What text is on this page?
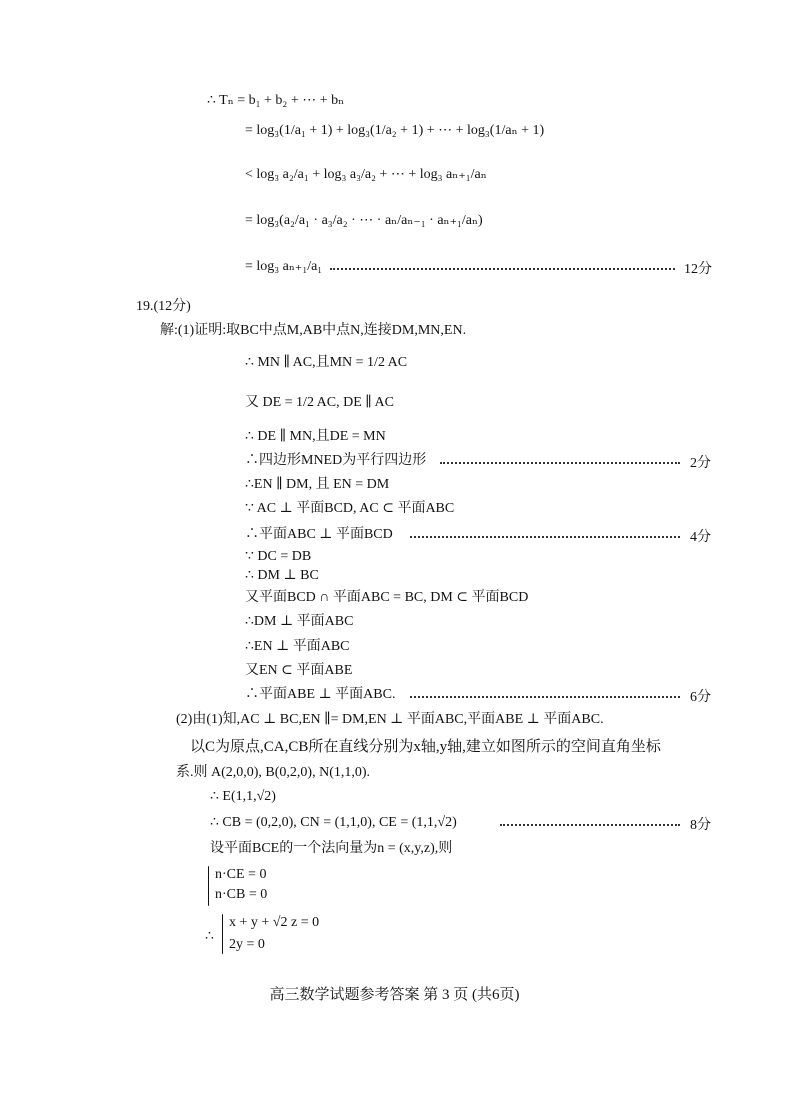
∴ Tₙ = b₁ + b₂ + ⋯ + bₙ
= log₃(1/a₁ + 1) + log₃(1/a₂ + 1) + ⋯ + log₃(1/aₙ + 1)
< log₃ a₂/a₁ + log₃ a₃/a₂ + ⋯ + log₃ aₙ₊₁/aₙ
= log₃(a₂/a₁ · a₃/a₂ · ⋯ · aₙ/aₙ₋₁ · aₙ₊₁/aₙ)
= log₃ aₙ₊₁/a₁	12分
19.(12分)
解:(1)证明:取BC中点M,AB中点N,连接DM,MN,EN.
∴ MN ∥ AC,且MN = 1/2 AC
又 DE = 1/2 AC, DE ∥ AC
∴ DE ∥ MN,且DE = MN
∴四边形MNED为平行四边形	2分
∴EN ∥ DM, 且 EN = DM
∵ AC ⊥ 平面BCD, AC ⊂ 平面ABC
∴平面ABC ⊥ 平面BCD	4分
∵ DC = DB
∴ DM ⊥ BC
又平面BCD ∩ 平面ABC = BC, DM ⊂ 平面BCD
∴DM ⊥ 平面ABC
∴EN ⊥ 平面ABC
又EN ⊂ 平面ABE
∴平面ABE ⊥ 平面ABC.	6分
(2)由(1)知,AC ⊥ BC,EN ∥= DM,EN ⊥ 平面ABC,平面ABE ⊥ 平面ABC.
以C为原点,CA,CB所在直线分别为x轴,y轴,建立如图所示的空间直角坐标
系.则 A(2,0,0), B(0,2,0), N(1,1,0).
∴ E(1,1,√2)
∴ CB = (0,2,0), CN = (1,1,0), CE = (1,1,√2)	8分
设平面BCE的一个法向量为n = (x,y,z),则
n·CE = 0
n·CB = 0
∴
x + y + √2 z = 0
2y = 0
高三数学试题参考答案 第 3 页 (共6页)
